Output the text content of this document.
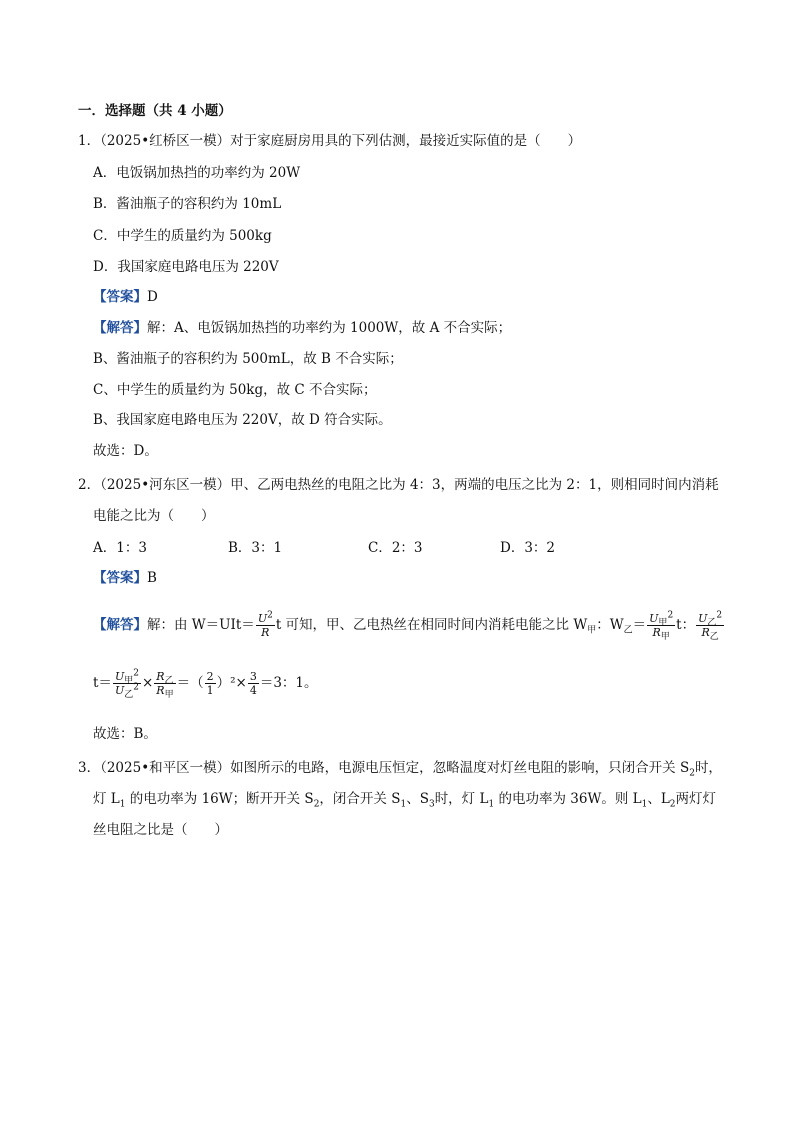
一．选择题（共 4 小题）
1．（2025•红桥区一模）对于家庭厨房用具的下列估测，最接近实际值的是（　　）
A．电饭锅加热挡的功率约为 20W
B．酱油瓶子的容积约为 10mL
C．中学生的质量约为 500kg
D．我国家庭电路电压为 220V
【答案】D
【解答】解：A、电饭锅加热挡的功率约为 1000W，故 A 不合实际；
B、酱油瓶子的容积约为 500mL，故 B 不合实际；
C、中学生的质量约为 50kg，故 C 不合实际；
B、我国家庭电路电压为 220V，故 D 符合实际。
故选：D。
2．（2025•河东区一模）甲、乙两电热丝的电阻之比为 4：3，两端的电压之比为 2：1，则相同时间内消耗
电能之比为（　　）
A．1：3	B．3：1	C．2：3	D．3：2
【答案】B
【解答】解：由 $W=UIt= \frac{U^2}{R}$ t 可知，甲、乙电热丝在相同时间内消耗电能之比 $W_甲$：$W_乙= \frac{U_甲^2}{R_甲}$ t： $\frac{U_乙^2}{R_乙}$
$t= \frac{U_甲^2}{U_乙^2} \times \frac{R_乙}{R_甲}$ ＝（ $\frac{2}{1} )^2\times \frac{3}{4} =3$：1。
故选：B。
3．（2025•和平区一模）如图所示的电路，电源电压恒定，忽略温度对灯丝电阻的影响，只闭合开关 $S_2$时，
灯 $L_1$ 的电功率为 16W；断开开关 $S_2$，闭合开关 $S_1$、$S_3$时，灯 $L_1$ 的电功率为 36W。则 $L_1$、$L_2$两灯灯
丝电阻之比是（　　）
